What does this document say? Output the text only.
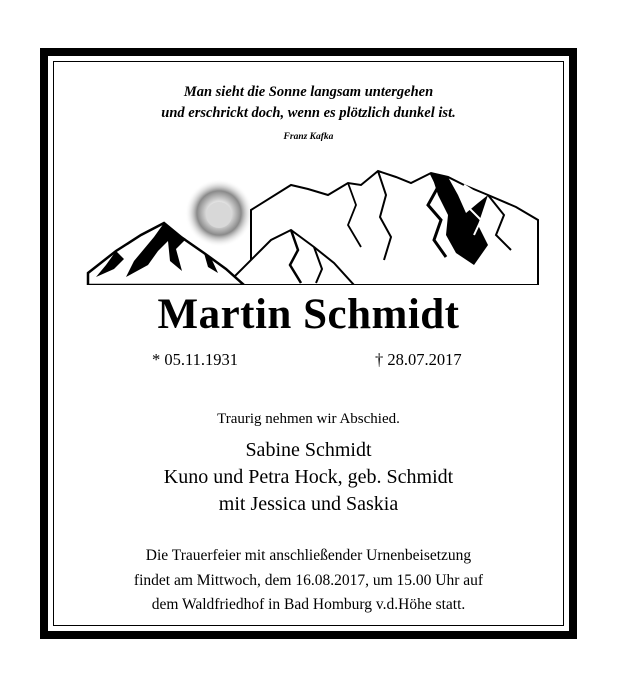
Man sieht die Sonne langsam untergehen
und erschrickt doch, wenn es plötzlich dunkel ist.
Franz Kafka
Martin Schmidt
* 05.11.1931	† 28.07.2017
Traurig nehmen wir Abschied.
Sabine Schmidt
Kuno und Petra Hock, geb. Schmidt
mit Jessica und Saskia
Die Trauerfeier mit anschließender Urnenbeisetzung
findet am Mittwoch, dem 16.08.2017, um 15.00 Uhr auf
dem Waldfriedhof in Bad Homburg v.d.Höhe statt.
